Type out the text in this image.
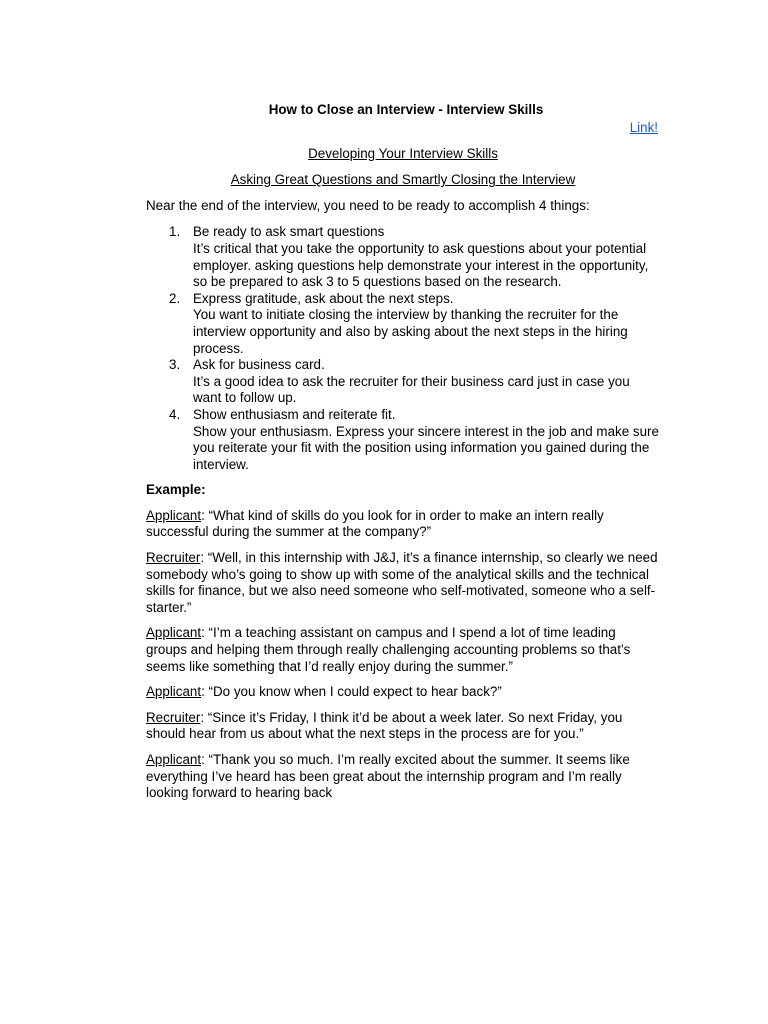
How to Close an Interview - Interview Skills
Link!

Developing Your Interview Skills

Asking Great Questions and Smartly Closing the Interview

Near the end of the interview, you need to be ready to accomplish 4 things:

1. Be ready to ask smart questions
It’s critical that you take the opportunity to ask questions about your potential employer. asking questions help demonstrate your interest in the opportunity, so be prepared to ask 3 to 5 questions based on the research.
2. Express gratitude, ask about the next steps.
You want to initiate closing the interview by thanking the recruiter for the interview opportunity and also by asking about the next steps in the hiring process.
3. Ask for business card.
It’s a good idea to ask the recruiter for their business card just in case you want to follow up.
4. Show enthusiasm and reiterate fit.
Show your enthusiasm. Express your sincere interest in the job and make sure you reiterate your fit with the position using information you gained during the interview.

Example:

Applicant: “What kind of skills do you look for in order to make an intern really successful during the summer at the company?”

Recruiter: “Well, in this internship with J&J, it’s a finance internship, so clearly we need somebody who’s going to show up with some of the analytical skills and the technical skills for finance, but we also need someone who self-motivated, someone who a self-starter.”

Applicant: “I’m a teaching assistant on campus and I spend a lot of time leading groups and helping them through really challenging accounting problems so that’s seems like something that I’d really enjoy during the summer.”

Applicant: “Do you know when I could expect to hear back?”

Recruiter: “Since it’s Friday, I think it’d be about a week later. So next Friday, you should hear from us about what the next steps in the process are for you.”

Applicant: “Thank you so much. I’m really excited about the summer. It seems like everything I’ve heard has been great about the internship program and I’m really looking forward to hearing back
